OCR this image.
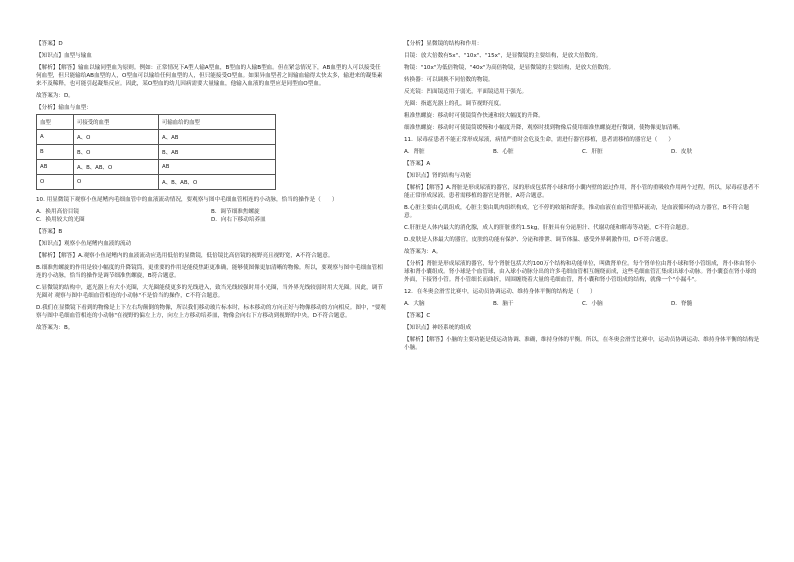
【答案】D

【知识点】血型与输血

【解析】【解答】输血以输同型血为原则。例如：正常情况下A型人输A型血，B型血的人输B型血。但在紧急情况下，AB血型的人可以接受任何血型，但只能输给AB血型的人，O型血可以输给任何血型的人，但只能接受O型血。如果异血型者之间输血输得太快太多，输进来的凝集素来不及稀释，也可能引起凝集反应。因此，某O型血的幼儿因病需要大量输血，他输入血液的血型应是同型血O型血。

故答案为：D。

【分析】输血与血型：

血型	可接受的血型	可输血给的血型
A	A、O	A、AB
B	B、O	B、AB
AB	A、B、AB、O	AB
O	O	A、B、AB、O

10. 用显微镜下观察小鱼尾鳍内毛细血管中的血液流动情况，要观察与图中毛细血管相连的小动脉，恰当的操作是（　　）

A．换用高倍目镜	B．调节细准焦螺旋
C．换用较大的光圈	D．向右下移动培养皿

【答案】B

【知识点】观察小鱼尾鳍内血液的流动

【解析】【解答】A.观察小鱼尾鳍内的血液流动应选用低倍的显微镜，低倍镜比高倍镜的视野亮且视野宽，A不符合题意。

B.细准焦螺旋的作用是较小幅度的升降镜筒，更重要的作用是能使焦距更准确，能够使图像更加清晰的物像。所以，要观察与图中毛细血管相连的小动脉，恰当的操作是调节细准焦螺旋，B符合题意。

C.显微镜的结构中，遮光器上有大小光圈，大光圈能使更多的光线进入，致当光线较强时用小光圈，当外界光线较弱时用大光圈。因此，调节光圈对 观察与图中毛细血管相连的小动脉"不是恰当的操作，C不符合题意。

D.我们在显微镜下看到的物像是上下左右均颠倒的物像，所以我们移动玻片标本时，标本移动的方向正好与物像移动的方向相反。图中，"要观察与图中毛细血管相连的小动脉"在视野的偏左上方，向左上方移动培养皿，物像会向右下方移动到视野的中央，D不符合题意。

故答案为：B。

【分析】显微镜的结构和作用：

目镜：放大倍数有5x"、"10x"、"15x"，是显微镜的主要结构，是放大倍数的。

物镜："10x"为低倍物镜，"40x"为高倍物镜，是显微镜的主要结构，是放大倍数的。

转换器：可以调换不同倍数的物镜。

反光镜：凹面镜适用于弱光，平面镜适用于强光。

光圈：指遮光器上的孔，调节视野亮度。

粗准焦螺旋：移动时可使镜筒作快速和较大幅度的升降。

细准焦螺旋：移动时可使镜筒缓慢和小幅度升降，观察时找到物像后使用细准焦螺旋进行微调，使物像更加清晰。

11．尿毒症患者不能正常形成尿液，病情严重时会危及生命，需进行器官移植，患者需移植的器官是（　　）

A．肾脏	B．心脏	C．肝脏	D．皮肤

【答案】A

【知识点】肾的结构与功能

【解析】【解答】A.肾脏是形成尿液的器官，尿的形成包括肾小球和肾小囊内壁的滤过作用，肾小管的重吸收作用两个过程，所以，尿毒症患者不能正常形成尿液，患者需移植的器官是肾脏，A符合题意。

B.心脏主要由心肌组成，心脏主要由肌肉组织构成，它不停的收缩和舒张，推动血液在血管里循环流动，是血液循环的动力器官，B不符合题意。

C.肝脏是人体内最大的消化腺，成人的肝脏重约1.5kg，肝脏具有分泌胆汁、代谢功能和解毒等功能，C不符合题意。

D.皮肤是人体最大的器官，皮肤的功能有保护、分泌和排泄、调节体温、感受外界刺激作用，D不符合题意。

故答案为：A。

【分析】肾脏是形成尿液的器官，每个肾脏包括大约100万个结构和功能单位，叫做肾单位。每个肾单位由肾小球和肾小管组成，肾小体由肾小球和肾小囊组成。肾小球是个血管球，由入球小动脉分出的许多毛细血管相互缠绕而成，这些毛细血管汇集成出球小动脉。肾小囊套在肾小球的外面，下接肾小管。肾小管细长而曲折，周围缠绕着大量的毛细血管，肾小囊和肾小管组成的结构，就像一个"小漏斗"。

12．在冬奥会滑雪比赛中，运动员协调运动、维持身体平衡的结构是（　　）

A．大脑	B．脑干	C．小脑	D．脊髓

【答案】C

【知识点】神经系统的组成

【解析】【解答】小脑的主要功能是使运动协调、准确，维持身体的平衡。所以，在冬奥会滑雪比赛中，运动员协调运动、维持身体平衡的结构是小脑。
